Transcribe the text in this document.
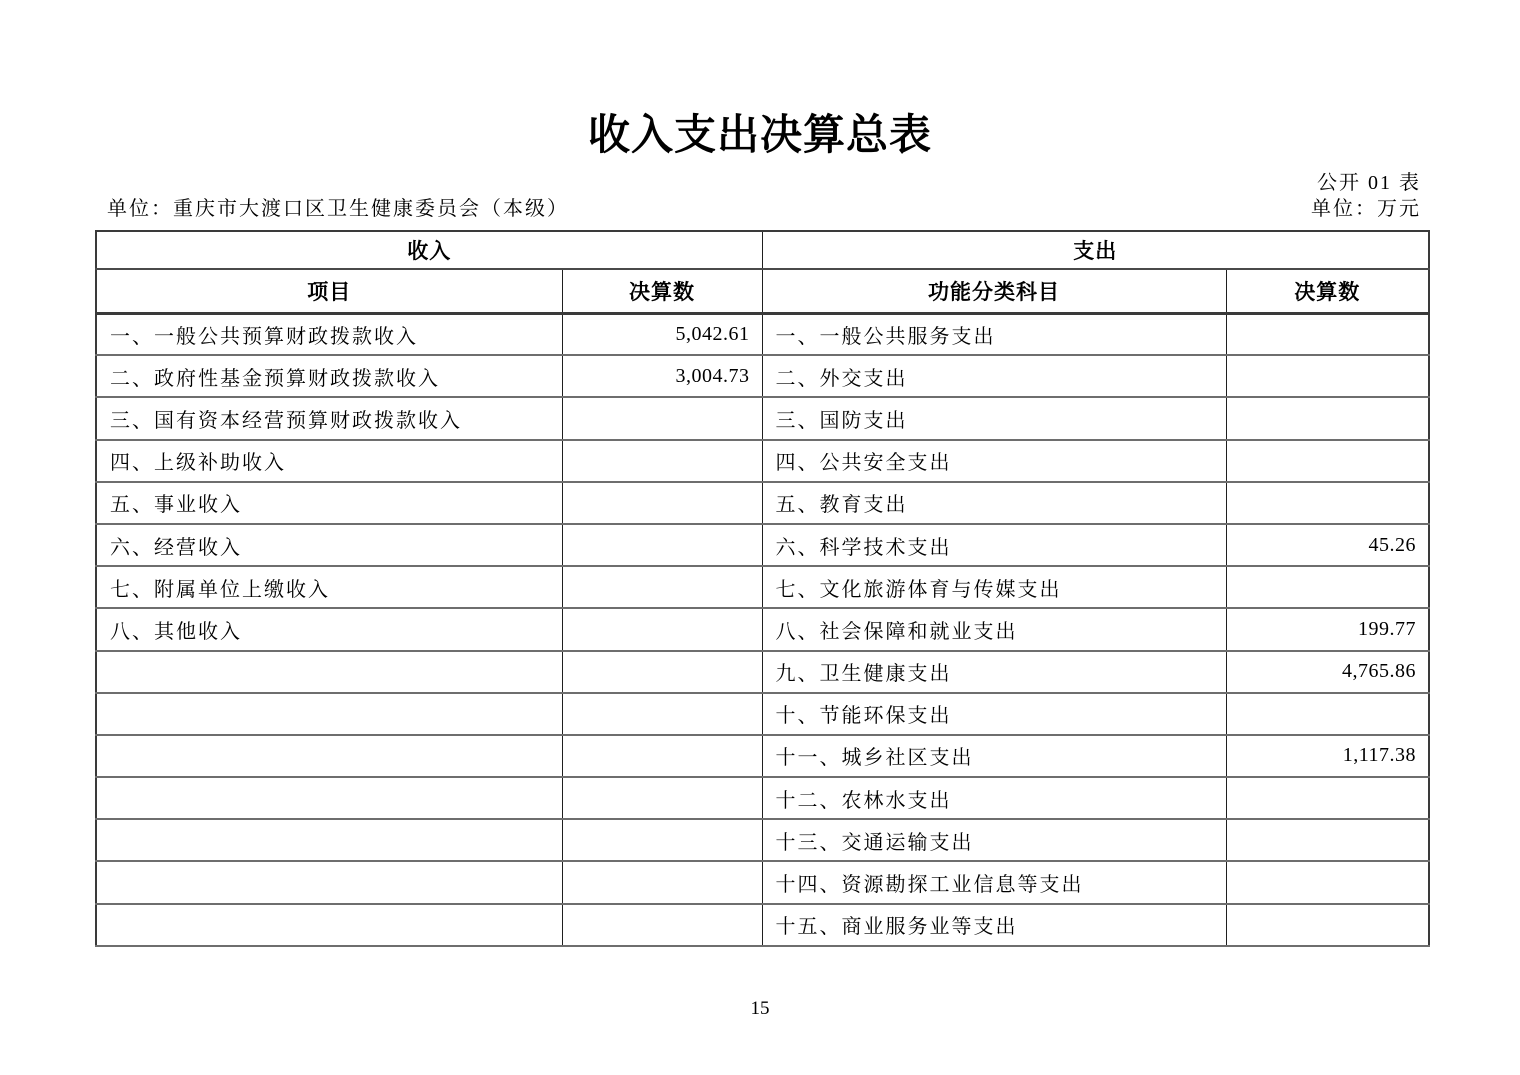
收入支出决算总表
公开 01 表
单位：重庆市大渡口区卫生健康委员会（本级）	单位：万元
收入		支出	
项目	决算数	功能分类科目	决算数
一、一般公共预算财政拨款收入	5,042.61	一、一般公共服务支出	
二、政府性基金预算财政拨款收入	3,004.73	二、外交支出	
三、国有资本经营预算财政拨款收入		三、国防支出	
四、上级补助收入		四、公共安全支出	
五、事业收入		五、教育支出	
六、经营收入		六、科学技术支出	45.26
七、附属单位上缴收入		七、文化旅游体育与传媒支出	
八、其他收入		八、社会保障和就业支出	199.77
		九、卫生健康支出	4,765.86
		十、节能环保支出	
		十一、城乡社区支出	1,117.38
		十二、农林水支出	
		十三、交通运输支出	
		十四、资源勘探工业信息等支出	
		十五、商业服务业等支出	
15
